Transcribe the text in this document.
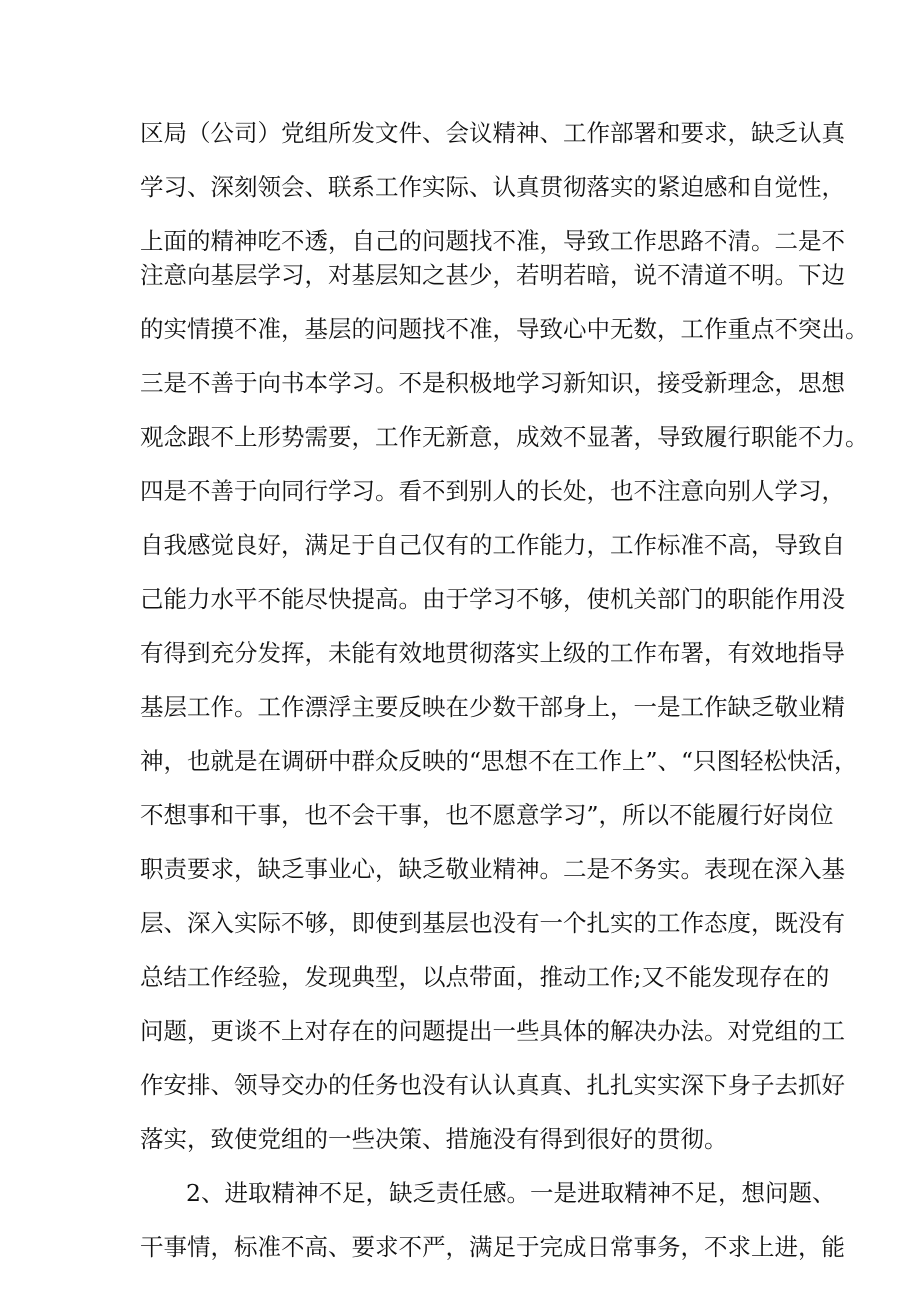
区局（公司）党组所发文件、会议精神、工作部署和要求，缺乏认真
学习、深刻领会、联系工作实际、认真贯彻落实的紧迫感和自觉性，
上面的精神吃不透，自己的问题找不准，导致工作思路不清。二是不
注意向基层学习，对基层知之甚少，若明若暗，说不清道不明。下边
的实情摸不准，基层的问题找不准，导致心中无数，工作重点不突出。
三是不善于向书本学习。不是积极地学习新知识，接受新理念，思想
观念跟不上形势需要，工作无新意，成效不显著，导致履行职能不力。
四是不善于向同行学习。看不到别人的长处，也不注意向别人学习，
自我感觉良好，满足于自己仅有的工作能力，工作标准不高，导致自
己能力水平不能尽快提高。由于学习不够，使机关部门的职能作用没
有得到充分发挥，未能有效地贯彻落实上级的工作布署，有效地指导
基层工作。工作漂浮主要反映在少数干部身上，一是工作缺乏敬业精
神，也就是在调研中群众反映的“思想不在工作上”、“只图轻松快活，
不想事和干事，也不会干事，也不愿意学习”，所以不能履行好岗位
职责要求，缺乏事业心，缺乏敬业精神。二是不务实。表现在深入基
层、深入实际不够，即使到基层也没有一个扎实的工作态度，既没有
总结工作经验，发现典型，以点带面，推动工作;又不能发现存在的
问题，更谈不上对存在的问题提出一些具体的解决办法。对党组的工
作安排、领导交办的任务也没有认认真真、扎扎实实深下身子去抓好
落实，致使党组的一些决策、措施没有得到很好的贯彻。
2、进取精神不足，缺乏责任感。一是进取精神不足，想问题、
干事情，标准不高、要求不严，满足于完成日常事务，不求上进，能
